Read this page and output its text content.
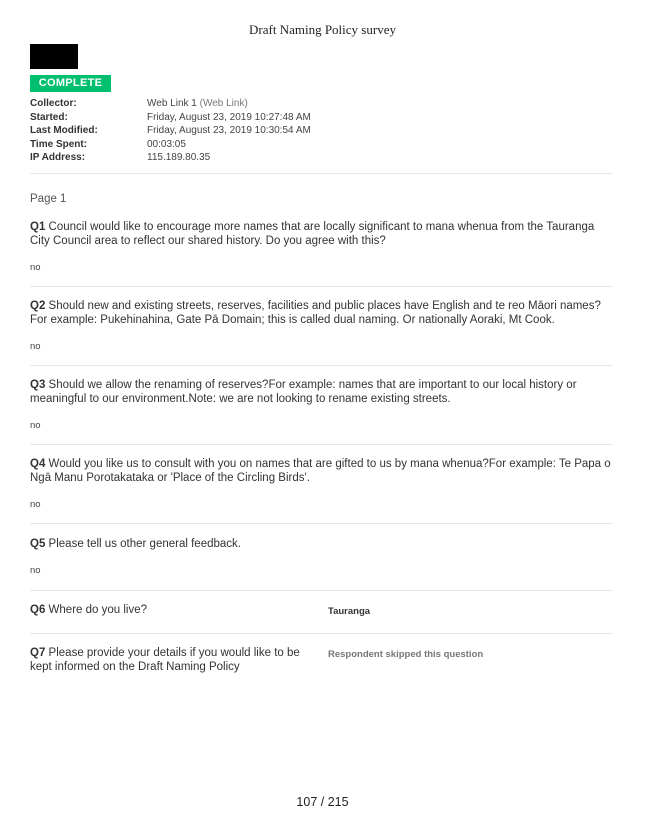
Draft Naming Policy survey
COMPLETE
Collector:	Web Link 1 (Web Link)
Started:	Friday, August 23, 2019 10:27:48 AM
Last Modified:	Friday, August 23, 2019 10:30:54 AM
Time Spent:	00:03:05
IP Address:	115.189.80.35
Page 1
Q1 Council would like to encourage more names that are locally significant to mana whenua from the Tauranga City Council area to reflect our shared history. Do you agree with this?
no
Q2 Should new and existing streets, reserves, facilities and public places have English and te reo Māori names?For example: Pukehinahina, Gate Pā Domain; this is called dual naming. Or nationally Aoraki, Mt Cook.
no
Q3 Should we allow the renaming of reserves?For example: names that are important to our local history or meaningful to our environment.Note: we are not looking to rename existing streets.
no
Q4 Would you like us to consult with you on names that are gifted to us by mana whenua?For example: Te Papa o Ngā Manu Porotakataka or 'Place of the Circling Birds'.
no
Q5 Please tell us other general feedback.
no
Q6 Where do you live?	Tauranga
Q7 Please provide your details if you would like to be kept informed on the Draft Naming Policy
Respondent skipped this question
107 / 215
